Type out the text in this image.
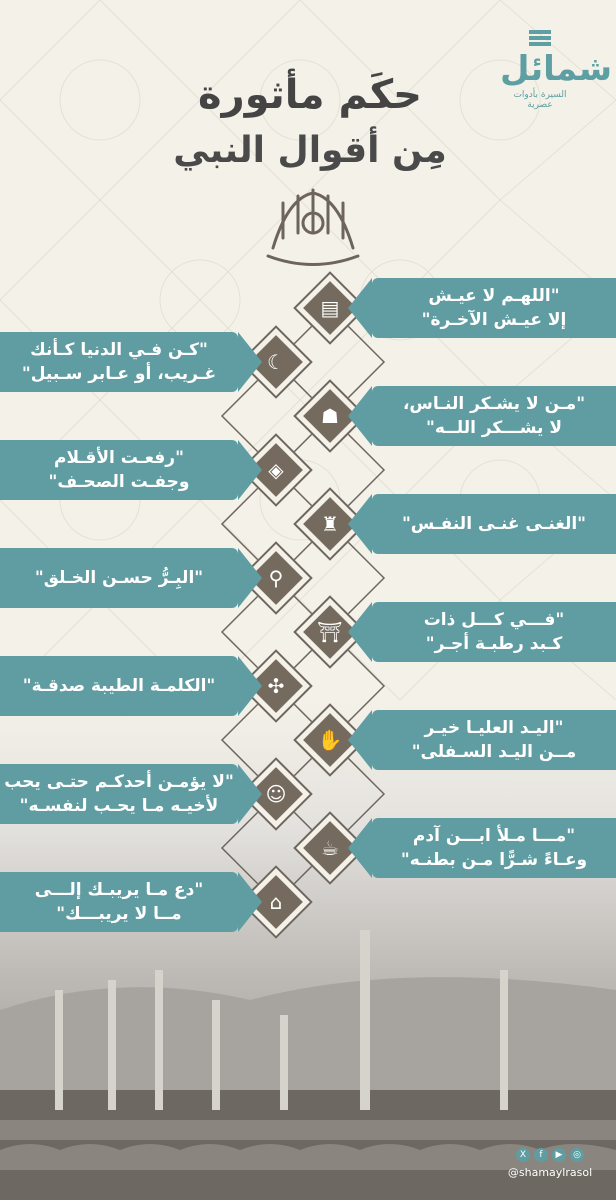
شمائل
السيرة بأدوات عصرية
حكَم مأثورة
مِن أقوال النبي
▤	"اللهـم لا عيـش
إلا عيـش الآخـرة"
☾
"كـن فـي الدنيا كـأنك
غـريب، أو عـابر سـبيل"
☗	"مـن لا يشـكر النـاس،
لا يشـــكر اللــه"
◈
"رفعـت الأقـلام
وجفـت الصحـف"
♜	"الغنـى غنـى النفـس"
⚲
"البِـرُّ حسـن الخـلق"
⛩	"فـــي كـــل ذات
كـبد رطبـة أجـر"
✣
"الكلمـة الطيبة صدقـة"
✋	"اليـد العليـا خيـر
مــن اليـد السـفلى"
☺
"لا يؤمـن أحدكـم حتـى يحب
لأخيـه مـا يحـب لنفسـه"
☕	"مـــا مـلأ ابـــن آدم
وعـاءً شـرًّا مـن بطنـه"
⌂
"دع مـا يريبـك إلـــى
مــا لا يريبـــك"
X	f	▶	◎
@shamaylrasol
